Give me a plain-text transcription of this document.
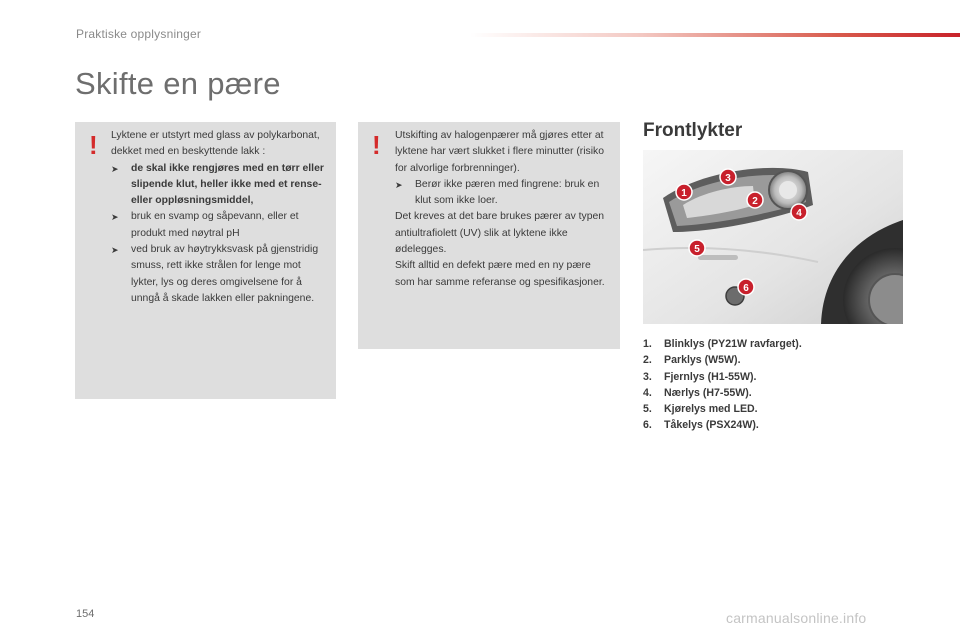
Praktiske opplysninger
Skifte en pære
! Lyktene er utstyrt med glass av polykarbonat, dekket med en beskyttende lakk :
➤ de skal ikke rengjøres med en tørr eller slipende klut, heller ikke med et rense- eller oppløsningsmiddel,
➤ bruk en svamp og såpevann, eller et produkt med nøytral pH
➤ ved bruk av høytrykksvask på gjenstridig smuss, rett ikke strålen for lenge mot lykter, lys og deres omgivelsene for å unngå å skade lakken eller pakningene.
! Utskifting av halogenpærer må gjøres etter at lyktene har vært slukket i flere minutter (risiko for alvorlige forbrenninger).
➤ Berør ikke pæren med fingrene: bruk en klut som ikke loer.
Det kreves at det bare brukes pærer av typen antiultrafiolett (UV) slik at lyktene ikke ødelegges.
Skift alltid en defekt pære med en ny pære som har samme referanse og spesifikasjoner.
Frontlykter
1
2
3
4
5
6
1.	Blinklys (PY21W ravfarget).
2.	Parklys (W5W).
3.	Fjernlys (H1-55W).
4.	Nærlys (H7-55W).
5.	Kjørelys med LED.
6.	Tåkelys (PSX24W).
154	carmanualsonline.info
